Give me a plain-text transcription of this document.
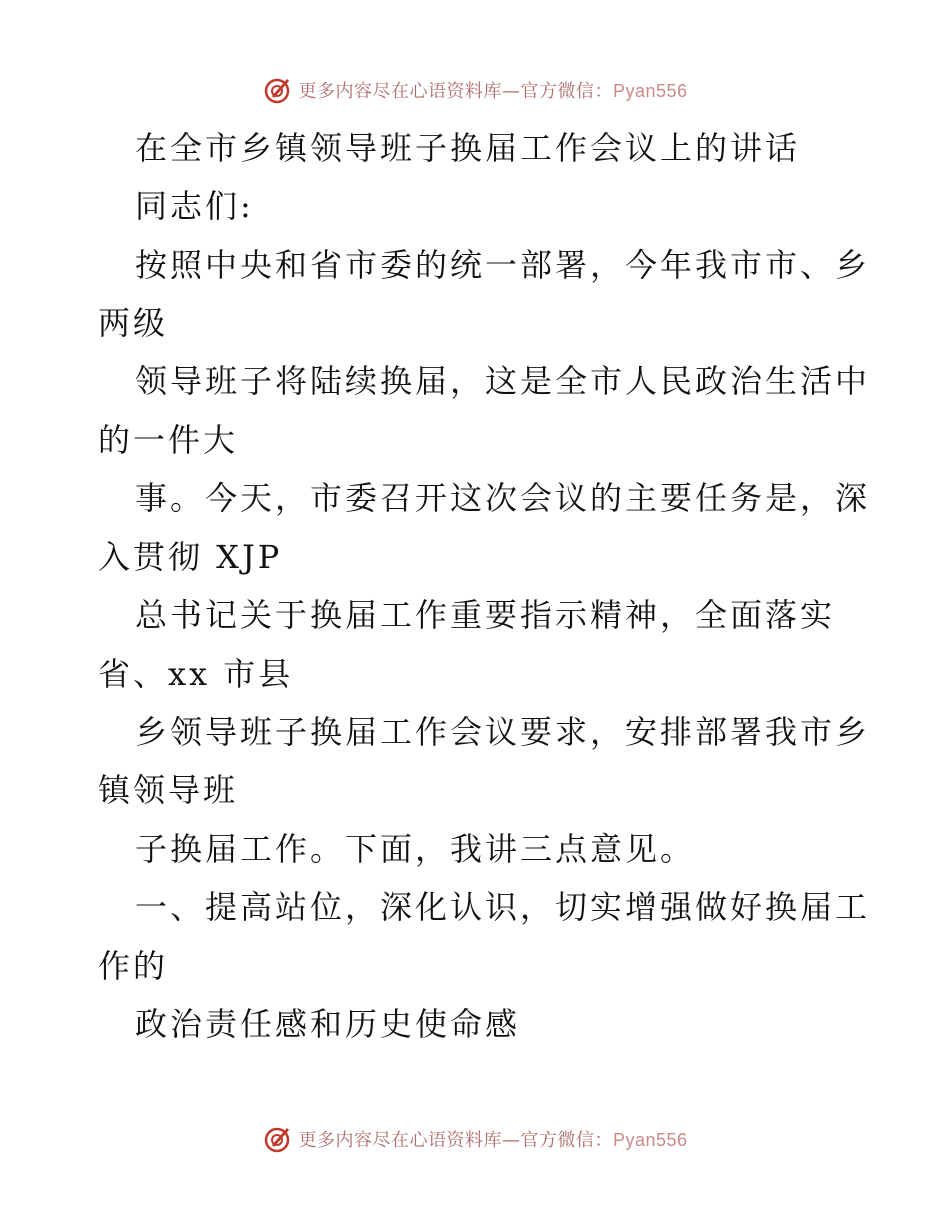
更多内容尽在心语资料库—官方微信：Pyan556
在全市乡镇领导班子换届工作会议上的讲话
同志们:
按照中央和省市委的统一部署，今年我市市、乡
两级
领导班子将陆续换届，这是全市人民政治生活中
的一件大
事。今天，市委召开这次会议的主要任务是，深
入贯彻 XJP
总书记关于换届工作重要指示精神，全面落实
省、xx 市县
乡领导班子换届工作会议要求，安排部署我市乡
镇领导班
子换届工作。下面，我讲三点意见。
一、提高站位，深化认识，切实增强做好换届工
作的
政治责任感和历史使命感
更多内容尽在心语资料库—官方微信：Pyan556
